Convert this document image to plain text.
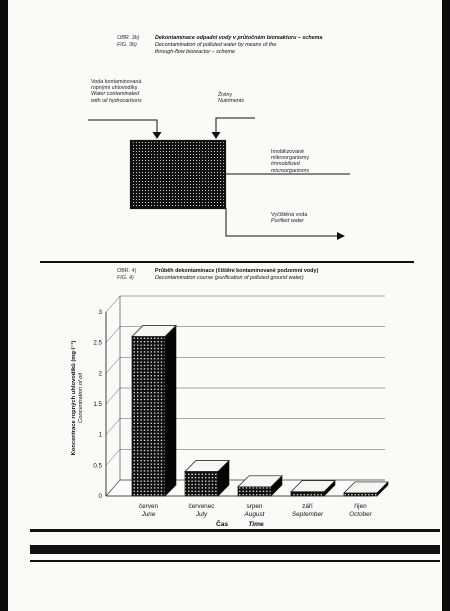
OBR. 3b)	Dekontaminace odpadní vody v průtočném bioreaktoru – schema
FIG. 3b)	Decontamination of polluted water by means of the
through-flow bioreactor – scheme
Voda kontaminovaná
ropnými uhlovodíky
Water contaminated
with oil hydrocarbons
Živiny
Nutriments
Imobilizované
mikroorganismy
Immobilized
microorganisms
Vyčištěná voda
Purified water
OBR. 4)	Průběh dekontaminace (čištění kontaminované podzemní vody)
FIG. 4)	Decontamination course (purification of polluted ground water)
0
0.5
1
1.5
2
2.5
3
červen
June
červenec
July
srpen
August
září
September
říjen
October
Čas	Time
Koncentrace ropných uhlovodíků (mg·l⁻¹) Concentration of oil
